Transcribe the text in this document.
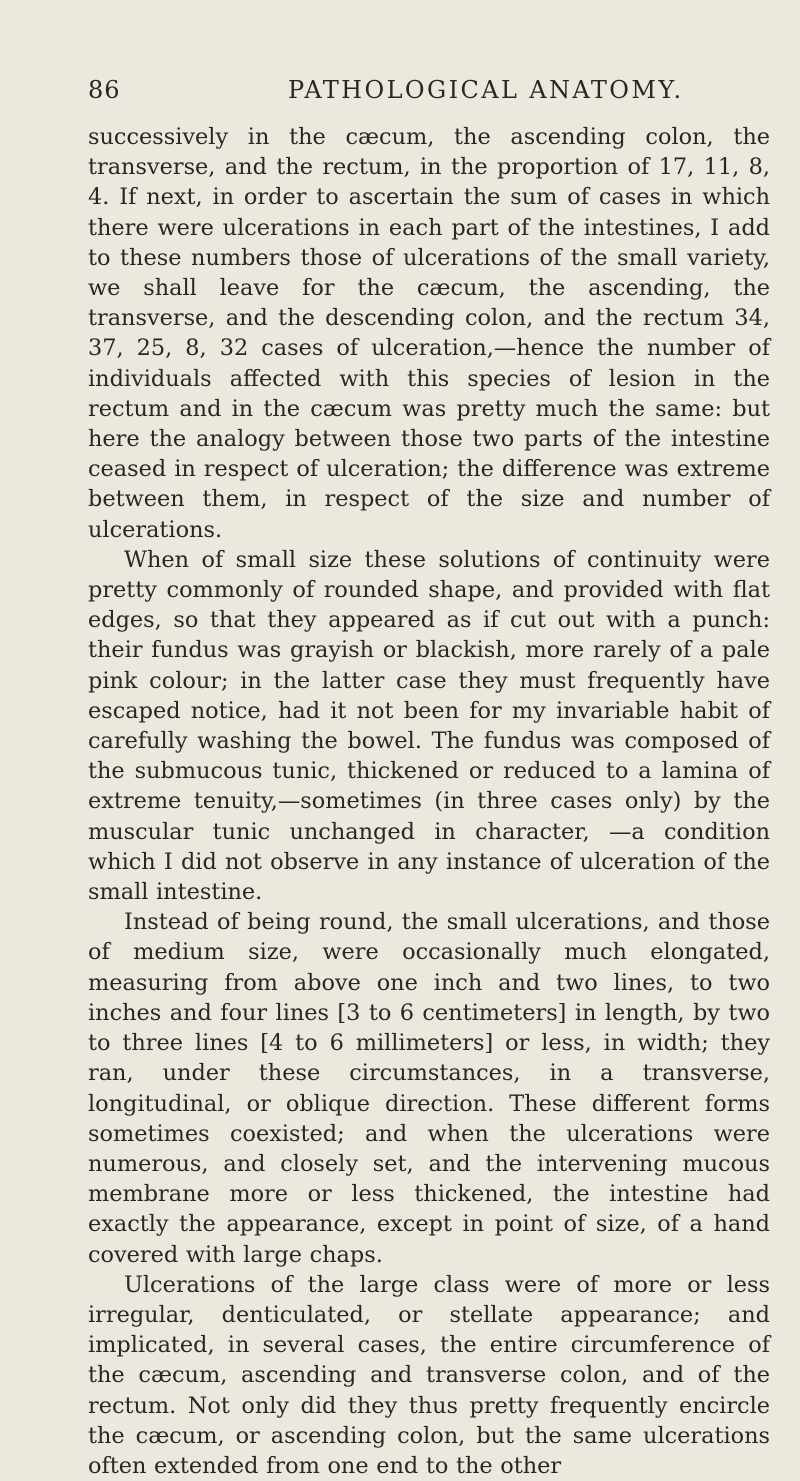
86	PATHOLOGICAL ANATOMY.

successively in the cæcum, the ascending colon, the transverse, and the rectum, in the proportion of 17, 11, 8, 4. If next, in order to ascertain the sum of cases in which there were ulcerations in each part of the intestines, I add to these numbers those of ulcerations of the small variety, we shall leave for the cæcum, the ascending, the transverse, and the descending colon, and the rectum 34, 37, 25, 8, 32 cases of ulceration,—hence the number of individuals affected with this species of lesion in the rectum and in the cæcum was pretty much the same: but here the analogy between those two parts of the intestine ceased in respect of ulceration; the difference was extreme between them, in respect of the size and number of ulcerations.

When of small size these solutions of continuity were pretty commonly of rounded shape, and provided with flat edges, so that they appeared as if cut out with a punch: their fundus was grayish or blackish, more rarely of a pale pink colour; in the latter case they must frequently have escaped notice, had it not been for my invariable habit of carefully washing the bowel. The fundus was composed of the submucous tunic, thickened or reduced to a lamina of extreme tenuity,—sometimes (in three cases only) by the muscular tunic unchanged in character, —a condition which I did not observe in any instance of ulceration of the small intestine.

Instead of being round, the small ulcerations, and those of medium size, were occasionally much elongated, measuring from above one inch and two lines, to two inches and four lines [3 to 6 centimeters] in length, by two to three lines [4 to 6 millimeters] or less, in width; they ran, under these circumstances, in a transverse, longitudinal, or oblique direction. These different forms sometimes coexisted; and when the ulcerations were numerous, and closely set, and the intervening mucous membrane more or less thickened, the intestine had exactly the appearance, except in point of size, of a hand covered with large chaps.

Ulcerations of the large class were of more or less irregular, denticulated, or stellate appearance; and implicated, in several cases, the entire circumference of the cæcum, ascending and transverse colon, and of the rectum. Not only did they thus pretty frequently encircle the cæcum, or ascending colon, but the same ulcerations often extended from one end to the other
